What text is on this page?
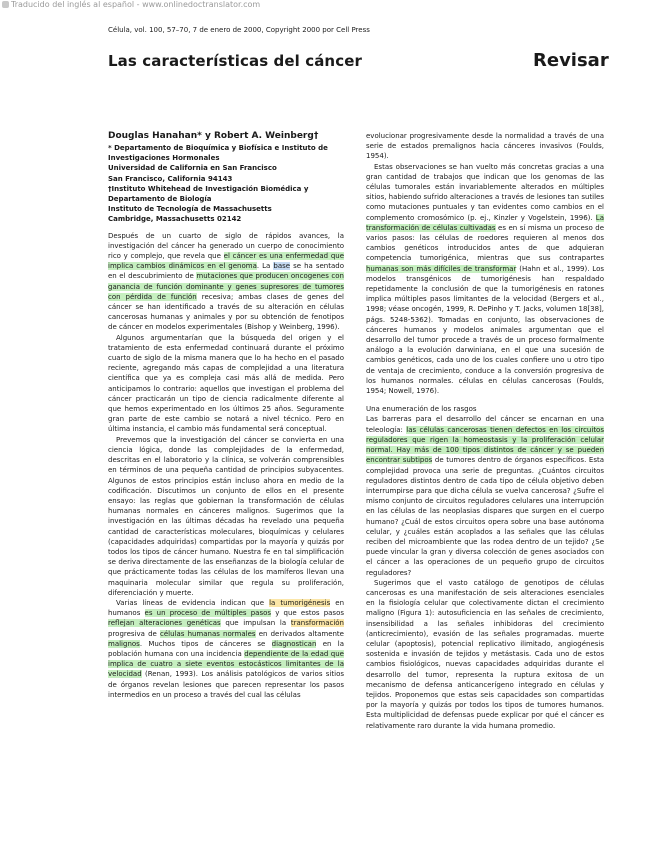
Traducido del inglés al español - www.onlinedoctranslator.com
Célula, vol. 100, 57–70, 7 de enero de 2000, Copyright 2000 por Cell Press
Las características del cáncer	Revisar
Douglas Hanahan* y Robert A. Weinberg†
* Departamento de Bioquímica y Biofísica e Instituto de
Investigaciones Hormonales
Universidad de California en San Francisco
San Francisco, California 94143
†Instituto Whitehead de Investigación Biomédica y
Departamento de Biología
Instituto de Tecnología de Massachusetts
Cambridge, Massachusetts 02142

Después de un cuarto de siglo de rápidos avances, la investigación del cáncer ha generado un cuerpo de conocimiento rico y complejo, que revela que el cáncer es una enfermedad que implica cambios dinámicos en el genoma. La base se ha sentado en el descubrimiento de mutaciones que producen oncogenes con ganancia de función dominante y genes supresores de tumores con pérdida de función recesiva; ambas clases de genes del cáncer se han identificado a través de su alteración en células cancerosas humanas y animales y por su obtención de fenotipos de cáncer en modelos experimentales (Bishop y Weinberg, 1996).

Algunos argumentarían que la búsqueda del origen y el tratamiento de esta enfermedad continuará durante el próximo cuarto de siglo de la misma manera que lo ha hecho en el pasado reciente, agregando más capas de complejidad a una literatura científica que ya es compleja casi más allá de medida. Pero anticipamos lo contrario: aquellos que investigan el problema del cáncer practicarán un tipo de ciencia radicalmente diferente al que hemos experimentado en los últimos 25 años. Seguramente gran parte de este cambio se notará a nivel técnico. Pero en última instancia, el cambio más fundamental será conceptual.

Prevemos que la investigación del cáncer se convierta en una ciencia lógica, donde las complejidades de la enfermedad, descritas en el laboratorio y la clínica, se volverán comprensibles en términos de una pequeña cantidad de principios subyacentes. Algunos de estos principios están incluso ahora en medio de la codificación. Discutimos un conjunto de ellos en el presente ensayo: las reglas que gobiernan la transformación de células humanas normales en cánceres malignos. Sugerimos que la investigación en las últimas décadas ha revelado una pequeña cantidad de características moleculares, bioquímicas y celulares (capacidades adquiridas) compartidas por la mayoría y quizás por todos los tipos de cáncer humano. Nuestra fe en tal simplificación se deriva directamente de las enseñanzas de la biología celular de que prácticamente todas las células de los mamíferos llevan una maquinaria molecular similar que regula su proliferación, diferenciación y muerte.

Varias líneas de evidencia indican que la tumorigénesis en humanos es un proceso de múltiples pasos y que estos pasos reflejan alteraciones genéticas que impulsan la transformación progresiva de células humanas normales en derivados altamente malignos. Muchos tipos de cánceres se diagnostican en la población humana con una incidencia dependiente de la edad que implica de cuatro a siete eventos estocásticos limitantes de la velocidad (Renan, 1993). Los análisis patológicos de varios sitios de órganos revelan lesiones que parecen representar los pasos intermedios en un proceso a través del cual las células

evolucionar progresivamente desde la normalidad a través de una serie de estados premalignos hacia cánceres invasivos (Foulds, 1954).

Estas observaciones se han vuelto más concretas gracias a una gran cantidad de trabajos que indican que los genomas de las células tumorales están invariablemente alterados en múltiples sitios, habiendo sufrido alteraciones a través de lesiones tan sutiles como mutaciones puntuales y tan evidentes como cambios en el complemento cromosómico (p. ej., Kinzler y Vogelstein, 1996). La transformación de células cultivadas es en sí misma un proceso de varios pasos: las células de roedores requieren al menos dos cambios genéticos introducidos antes de que adquieran competencia tumorigénica, mientras que sus contrapartes humanas son más difíciles de transformar (Hahn et al., 1999). Los modelos transgénicos de tumorigénesis han respaldado repetidamente la conclusión de que la tumorigénesis en ratones implica múltiples pasos limitantes de la velocidad (Bergers et al., 1998; véase oncogén, 1999, R. DePinho y T. Jacks, volumen 18[38], págs. 5248-5362). Tomadas en conjunto, las observaciones de cánceres humanos y modelos animales argumentan que el desarrollo del tumor procede a través de un proceso formalmente análogo a la evolución darwiniana, en el que una sucesión de cambios genéticos, cada uno de los cuales confiere uno u otro tipo de ventaja de crecimiento, conduce a la conversión progresiva de los humanos normales. células en células cancerosas (Foulds, 1954; Nowell, 1976).

Una enumeración de los rasgos

Las barreras para el desarrollo del cáncer se encarnan en una teleología: las células cancerosas tienen defectos en los circuitos reguladores que rigen la homeostasis y la proliferación celular normal. Hay más de 100 tipos distintos de cáncer y se pueden encontrar subtipos de tumores dentro de órganos específicos. Esta complejidad provoca una serie de preguntas. ¿Cuántos circuitos reguladores distintos dentro de cada tipo de célula objetivo deben interrumpirse para que dicha célula se vuelva cancerosa? ¿Sufre el mismo conjunto de circuitos reguladores celulares una interrupción en las células de las neoplasias dispares que surgen en el cuerpo humano? ¿Cuál de estos circuitos opera sobre una base autónoma celular, y ¿cuáles están acoplados a las señales que las células reciben del microambiente que las rodea dentro de un tejido? ¿Se puede vincular la gran y diversa colección de genes asociados con el cáncer a las operaciones de un pequeño grupo de circuitos reguladores?

Sugerimos que el vasto catálogo de genotipos de células cancerosas es una manifestación de seis alteraciones esenciales en la fisiología celular que colectivamente dictan el crecimiento maligno (Figura 1): autosuficiencia en las señales de crecimiento, insensibilidad a las señales inhibidoras del crecimiento (anticrecimiento), evasión de las señales programadas. muerte celular (apoptosis), potencial replicativo ilimitado, angiogénesis sostenida e invasión de tejidos y metástasis. Cada uno de estos cambios fisiológicos, nuevas capacidades adquiridas durante el desarrollo del tumor, representa la ruptura exitosa de un mecanismo de defensa anticancerígeno integrado en células y tejidos. Proponemos que estas seis capacidades son compartidas por la mayoría y quizás por todos los tipos de tumores humanos. Esta multiplicidad de defensas puede explicar por qué el cáncer es relativamente raro durante la vida humana promedio.
